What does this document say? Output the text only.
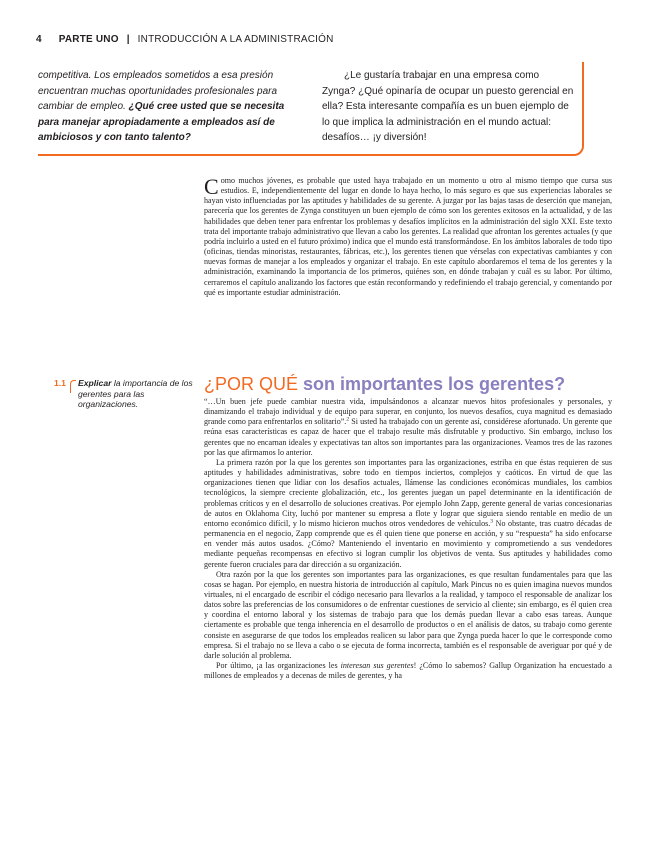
4 PARTE UNO | INTRODUCCIÓN A LA ADMINISTRACIÓN
competitiva. Los empleados sometidos a esa presión encuentran muchas oportunidades profesionales para cambiar de empleo. ¿Qué cree usted que se necesita para manejar apropiadamente a empleados así de ambiciosos y con tanto talento?
¿Le gustaría trabajar en una empresa como Zynga? ¿Qué opinaría de ocupar un puesto gerencial en ella? Esta interesante compañía es un buen ejemplo de lo que implica la administración en el mundo actual: desafíos… ¡y diversión!
Como muchos jóvenes, es probable que usted haya trabajado en un momento u otro al mismo tiempo que cursa sus estudios. E, independientemente del lugar en donde lo haya hecho, lo más seguro es que sus experiencias laborales se hayan visto influenciadas por las aptitudes y habilidades de su gerente. A juzgar por las bajas tasas de deserción que manejan, parecería que los gerentes de Zynga constituyen un buen ejemplo de cómo son los gerentes exitosos en la actualidad, y de las habilidades que deben tener para enfrentar los problemas y desafíos implícitos en la administración del siglo XXI. Este texto trata del importante trabajo administrativo que llevan a cabo los gerentes. La realidad que afrontan los gerentes actuales (y que podría incluirlo a usted en el futuro próximo) indica que el mundo está transformándose. En los ámbitos laborales de todo tipo (oficinas, tiendas minoristas, restaurantes, fábricas, etc.), los gerentes tienen que vérselas con expectativas cambiantes y con nuevas formas de manejar a los empleados y organizar el trabajo. En este capítulo abordaremos el tema de los gerentes y la administración, examinando la importancia de los primeros, quiénes son, en dónde trabajan y cuál es su labor. Por último, cerraremos el capítulo analizando los factores que están reconformando y redefiniendo el trabajo gerencial, y comentando por qué es importante estudiar administración.
1.1 Explicar la importancia de los gerentes para las organizaciones.
¿POR QUÉ son importantes los gerentes?

“…Un buen jefe puede cambiar nuestra vida, impulsándonos a alcanzar nuevos hitos profesionales y personales, y dinamizando el trabajo individual y de equipo para superar, en conjunto, los nuevos desafíos, cuya magnitud es demasiado grande como para enfrentarlos en solitario”.$^2$ Si usted ha trabajado con un gerente así, considérese afortunado. Un gerente que reúna esas características es capaz de hacer que el trabajo resulte más disfrutable y productivo. Sin embargo, incluso los gerentes que no encarnan ideales y expectativas tan altos son importantes para las organizaciones. Veamos tres de las razones por las que afirmamos lo anterior.

La primera razón por la que los gerentes son importantes para las organizaciones, estriba en que éstas requieren de sus aptitudes y habilidades administrativas, sobre todo en tiempos inciertos, complejos y caóticos. En virtud de que las organizaciones tienen que lidiar con los desafíos actuales, llámense las condiciones económicas mundiales, los cambios tecnológicos, la siempre creciente globalización, etc., los gerentes juegan un papel determinante en la identificación de problemas críticos y en el desarrollo de soluciones creativas. Por ejemplo John Zapp, gerente general de varias concesionarias de autos en Oklahoma City, luchó por mantener su empresa a flote y lograr que siguiera siendo rentable en medio de un entorno económico difícil, y lo mismo hicieron muchos otros vendedores de vehículos.$^3$ No obstante, tras cuatro décadas de permanencia en el negocio, Zapp comprende que es él quien tiene que ponerse en acción, y su “respuesta” ha sido enfocarse en vender más autos usados. ¿Cómo? Manteniendo el inventario en movimiento y comprometiendo a sus vendedores mediante pequeñas recompensas en efectivo si logran cumplir los objetivos de venta. Sus aptitudes y habilidades como gerente fueron cruciales para dar dirección a su organización.

Otra razón por la que los gerentes son importantes para las organizaciones, es que resultan fundamentales para que las cosas se hagan. Por ejemplo, en nuestra historia de introducción al capítulo, Mark Pincus no es quien imagina nuevos mundos virtuales, ni el encargado de escribir el código necesario para llevarlos a la realidad, y tampoco el responsable de analizar los datos sobre las preferencias de los consumidores o de enfrentar cuestiones de servicio al cliente; sin embargo, es él quien crea y coordina el entorno laboral y los sistemas de trabajo para que los demás puedan llevar a cabo esas tareas. Aunque ciertamente es probable que tenga inherencia en el desarrollo de productos o en el análisis de datos, su trabajo como gerente consiste en asegurarse de que todos los empleados realicen su labor para que Zynga pueda hacer lo que le corresponde como empresa. Si el trabajo no se lleva a cabo o se ejecuta de forma incorrecta, también es el responsable de averiguar por qué y de darle solución al problema.

Por último, ¡a las organizaciones les interesan sus gerentes! ¿Cómo lo sabemos? Gallup Organization ha encuestado a millones de empleados y a decenas de miles de gerentes, y ha
